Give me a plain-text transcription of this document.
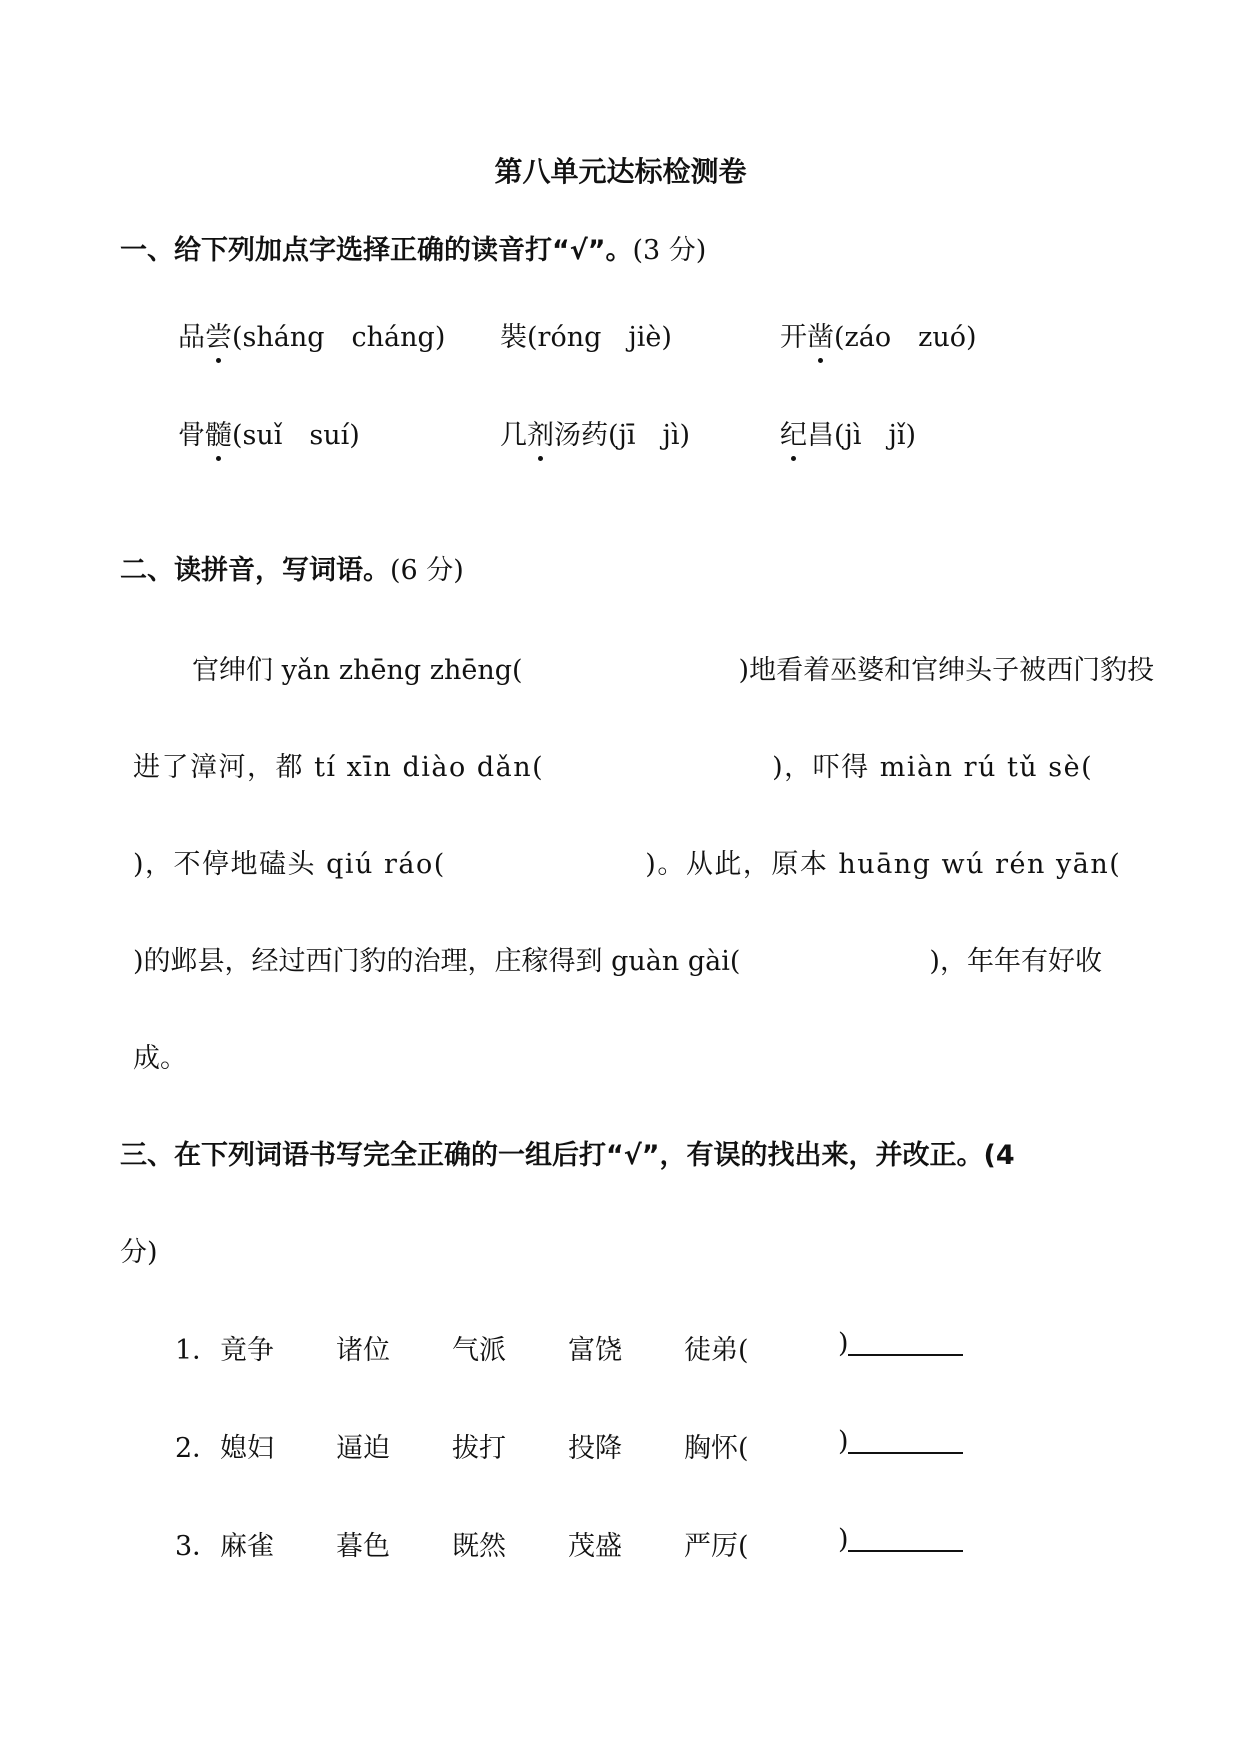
第八单元达标检测卷
一、给下列加点字选择正确的读音打“√”。(3 分)
品尝(sháng　cháng) 裝(róng　jiè)	开凿(záo　zuó)
骨髓(suǐ　suí)	几剂汤药(jī　jì)	纪昌(jì　jǐ)
二、读拼音，写词语。(6 分)
官绅们 yǎn zhēng zhēng(　　　　　　　　)地看着巫婆和官绅头子被西门豹投
进了漳河，都 tí xīn diào dǎn(　　　　　　　　)，吓得 miàn rú tǔ sè(
)，不停地磕头 qiú ráo(　　　　　　　)。从此，原本 huāng wú rén yān(
)的邺县，经过西门豹的治理，庄稼得到 guàn gài(　　　　　　　)，年年有好收
成。
三、在下列词语书写完全正确的一组后打“√”，有误的找出来，并改正。(4
分)
1． 竟争 诸位 气派 富饶 徒弟(	)
2． 媳妇 逼迫 拔打 投降 胸怀(	)
3． 麻雀 暮色 既然 茂盛 严厉(	)
